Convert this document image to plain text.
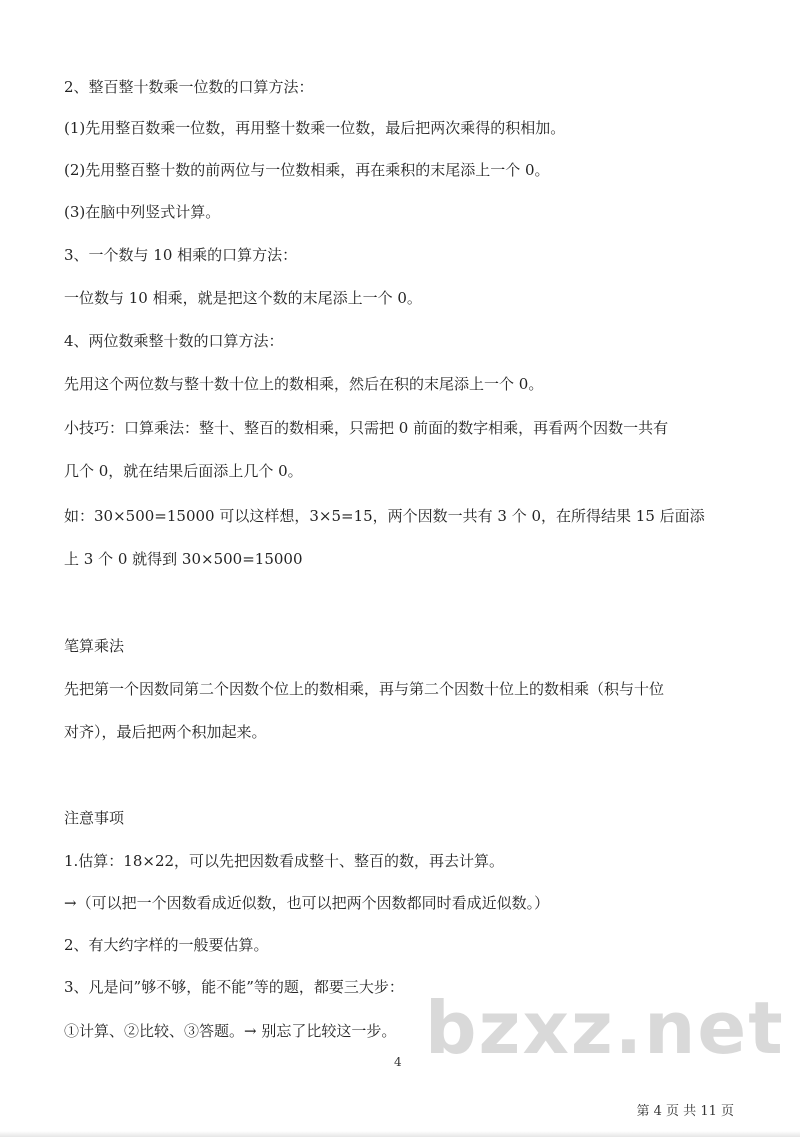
2、整百整十数乘一位数的口算方法：
(1)先用整百数乘一位数，再用整十数乘一位数，最后把两次乘得的积相加。
(2)先用整百整十数的前两位与一位数相乘，再在乘积的末尾添上一个 0。
(3)在脑中列竖式计算。
3、一个数与 10 相乘的口算方法：
一位数与 10 相乘，就是把这个数的末尾添上一个 0。
4、两位数乘整十数的口算方法：
先用这个两位数与整十数十位上的数相乘，然后在积的末尾添上一个 0。
小技巧：口算乘法：整十、整百的数相乘，只需把 0 前面的数字相乘，再看两个因数一共有
几个 0，就在结果后面添上几个 0。
如：30×500=15000 可以这样想，3×5=15，两个因数一共有 3 个 0，在所得结果 15 后面添
上 3 个 0 就得到 30×500=15000
笔算乘法
先把第一个因数同第二个因数个位上的数相乘，再与第二个因数十位上的数相乘（积与十位
对齐），最后把两个积加起来。
注意事项
1.估算：18×22，可以先把因数看成整十、整百的数，再去计算。
→（可以把一个因数看成近似数，也可以把两个因数都同时看成近似数。）
2、有大约字样的一般要估算。
3、凡是问”够不够，能不能”等的题，都要三大步：
①计算、②比较、③答题。→ 别忘了比较这一步。 bzxz.net
4
第 4 页 共 11 页
